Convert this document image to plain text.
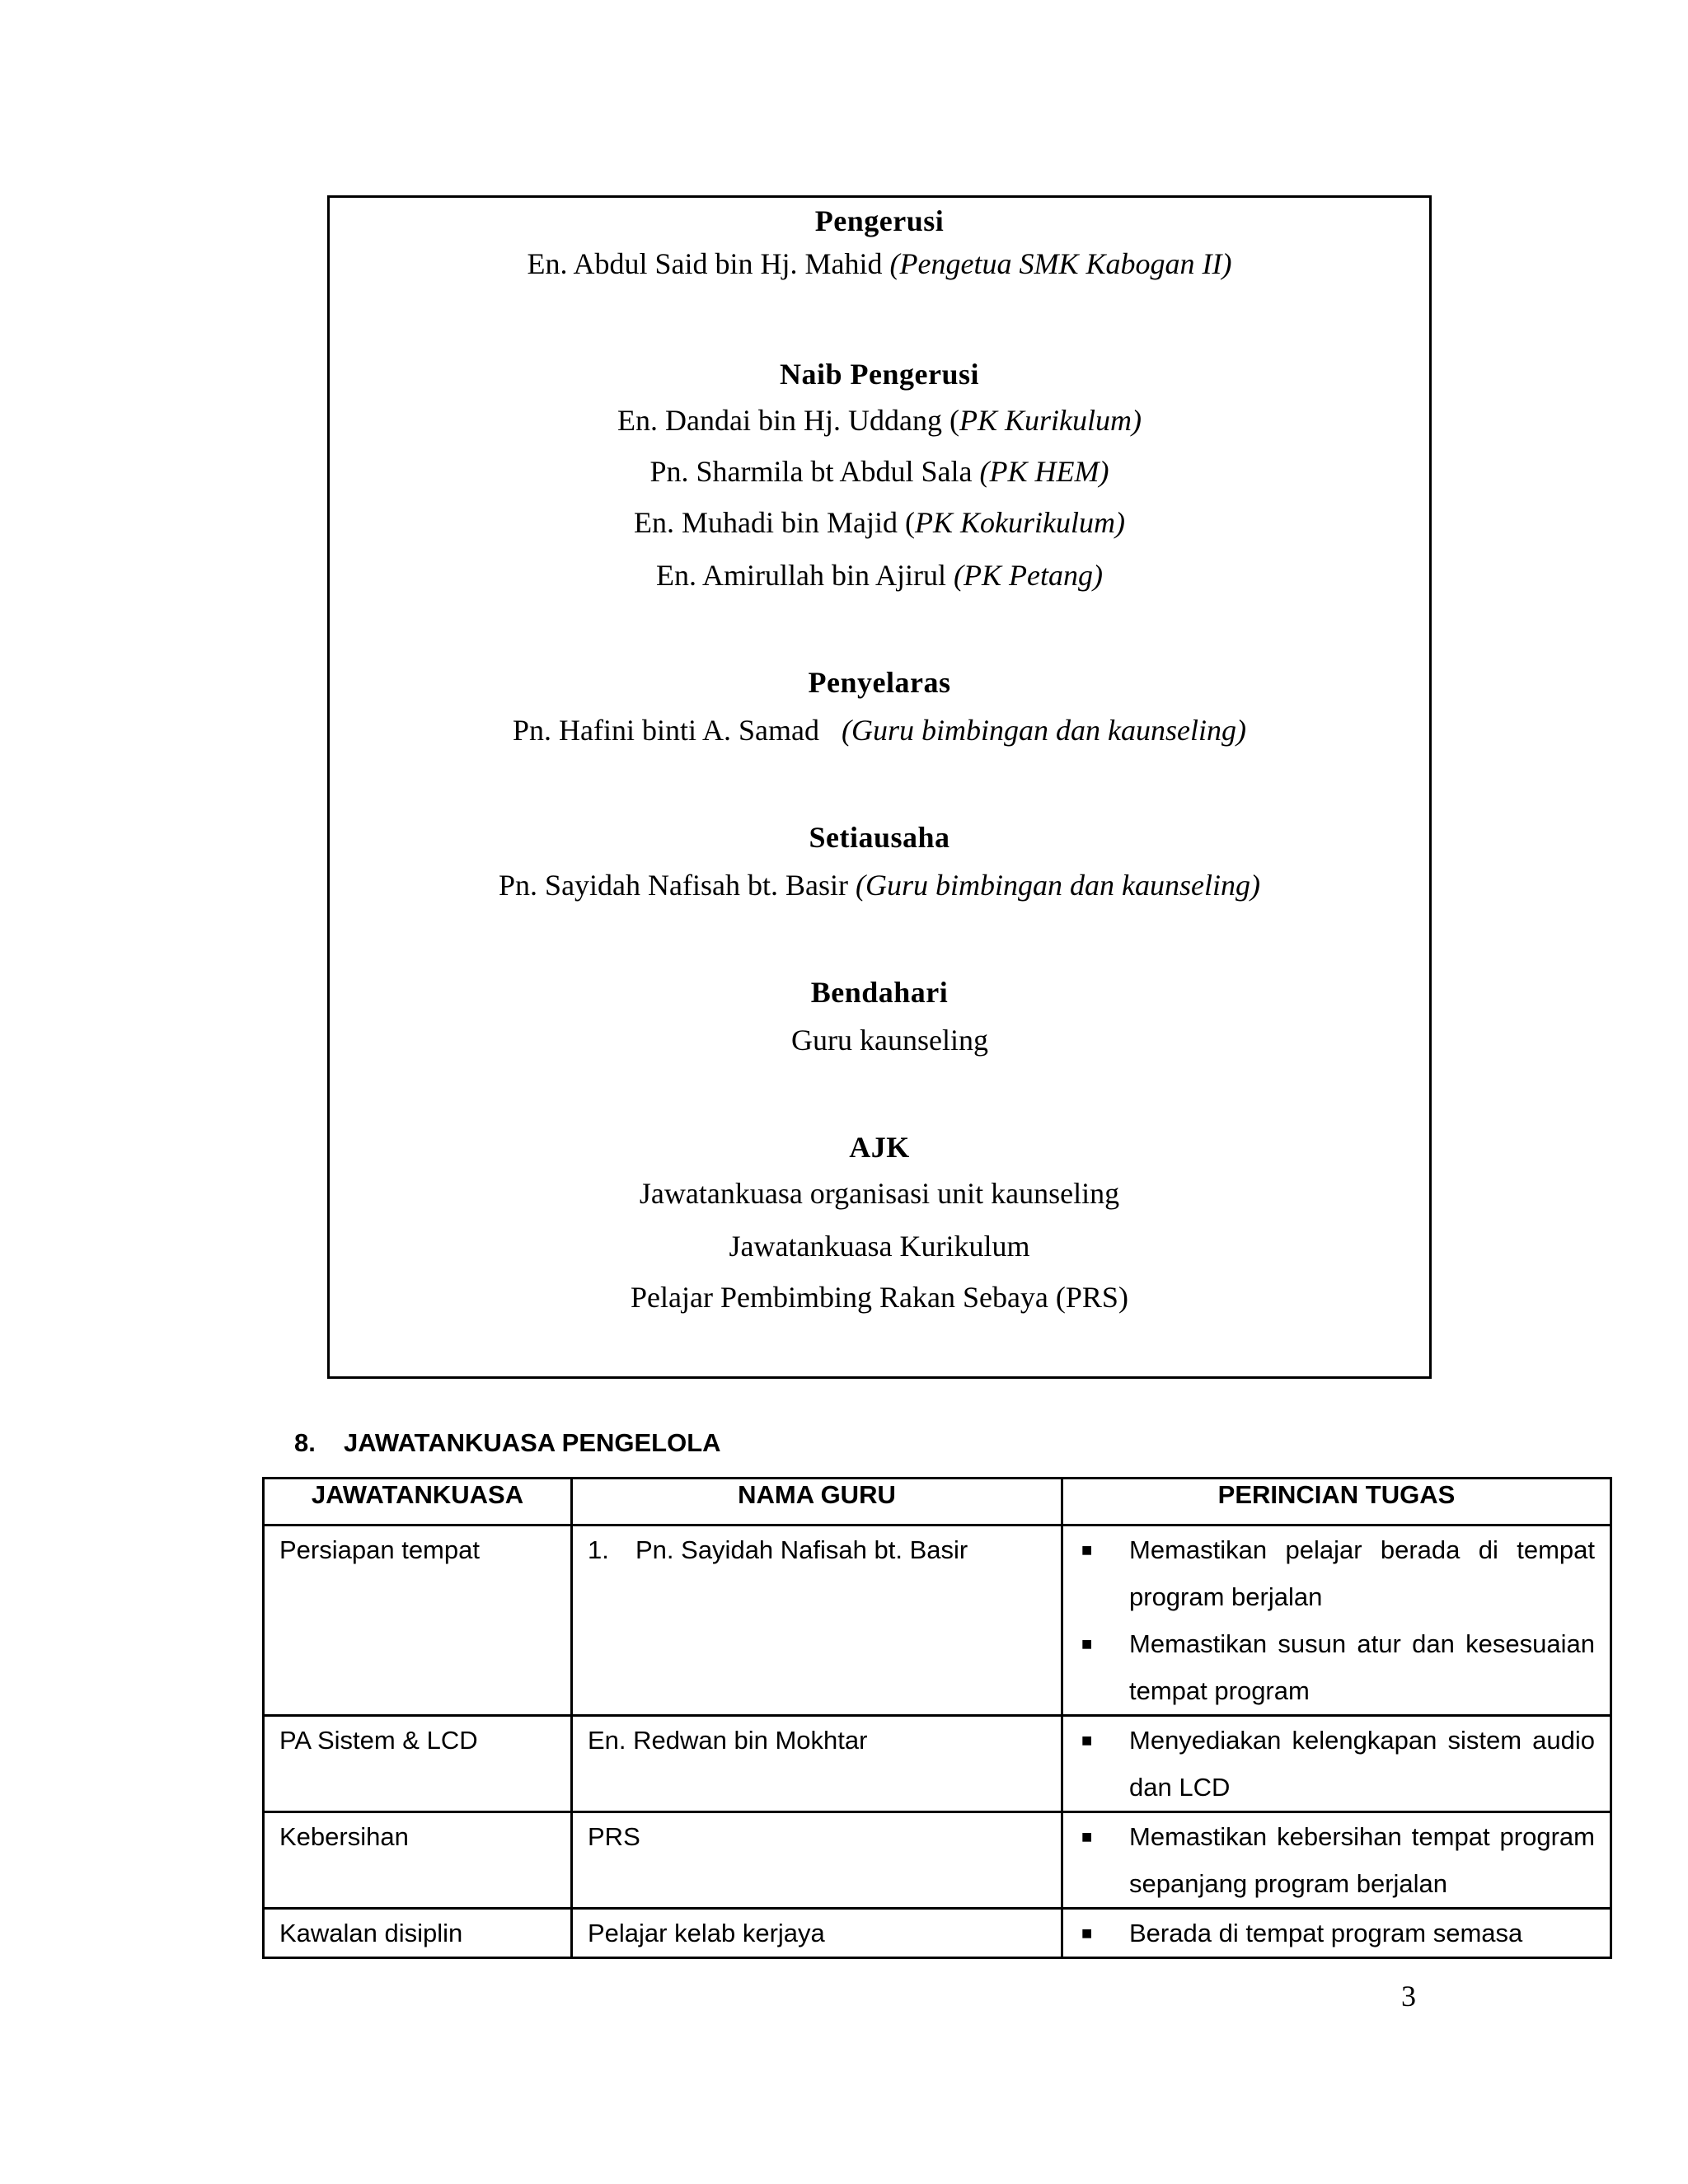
Pengerusi
En. Abdul Said bin Hj. Mahid (Pengetua SMK Kabogan II)
Naib Pengerusi
En. Dandai bin Hj. Uddang (PK Kurikulum)
Pn. Sharmila bt Abdul Sala (PK HEM)
En. Muhadi bin Majid (PK Kokurikulum)
En. Amirullah bin Ajirul (PK Petang)
Penyelaras
Pn. Hafini binti A. Samad (Guru bimbingan dan kaunseling)
Setiausaha
Pn. Sayidah Nafisah bt. Basir (Guru bimbingan dan kaunseling)
Bendahari
Guru kaunseling
AJK
Jawatankuasa organisasi unit kaunseling
Jawatankuasa Kurikulum
Pelajar Pembimbing Rakan Sebaya (PRS)
8. JAWATANKUASA PENGELOLA
JAWATANKUASA	NAMA GURU	PERINCIAN TUGAS
Persiapan tempat	1. Pn. Sayidah Nafisah bt. Basir	■ Memastikan pelajar berada di tempat program berjalan
■ Memastikan susun atur dan kesesuaian tempat program

PA Sistem & LCD	En. Redwan bin Mokhtar	■ Menyediakan kelengkapan sistem audio dan LCD

Kebersihan	PRS	■ Memastikan kebersihan tempat program sepanjang program berjalan

Kawalan disiplin	Pelajar kelab kerjaya	■ Berada di tempat program semasa
3
